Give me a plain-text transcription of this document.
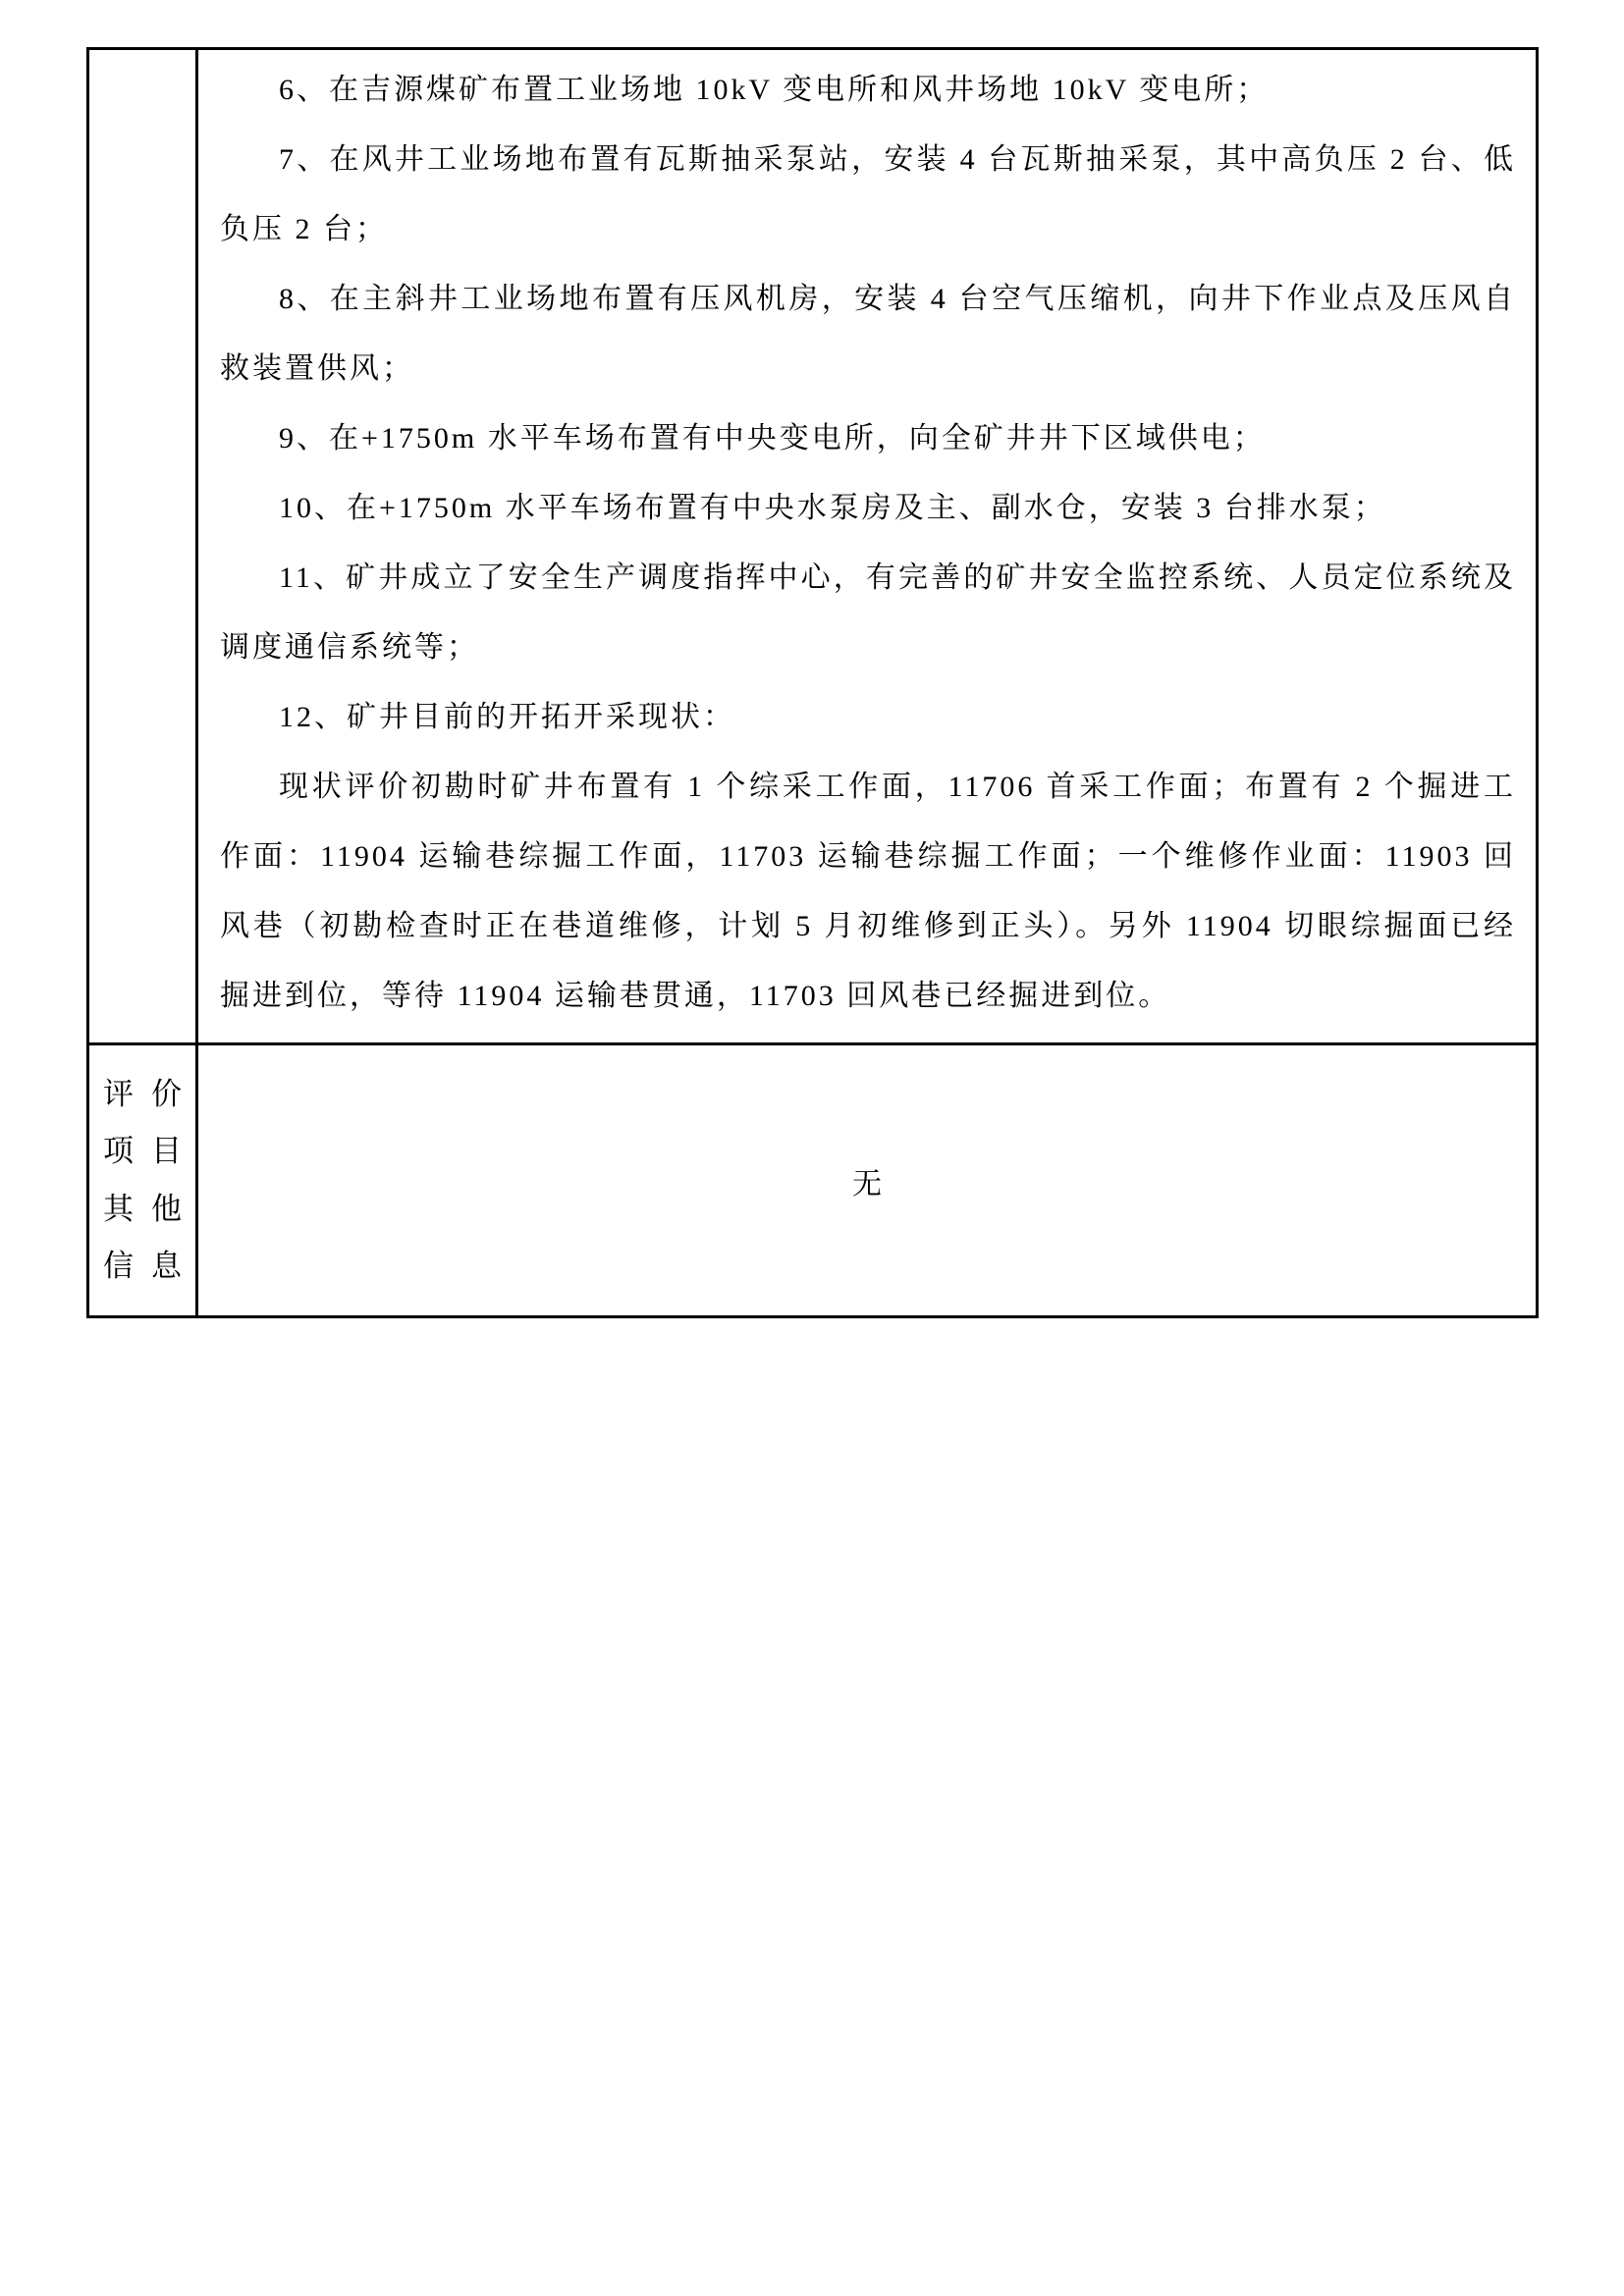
6、在吉源煤矿布置工业场地 10kV 变电所和风井场地 10kV 变电所；

7、在风井工业场地布置有瓦斯抽采泵站，安装 4 台瓦斯抽采泵，其中高负压 2 台、低负压 2 台；

8、在主斜井工业场地布置有压风机房，安装 4 台空气压缩机，向井下作业点及压风自救装置供风；

9、在+1750m 水平车场布置有中央变电所，向全矿井井下区域供电；

10、在+1750m 水平车场布置有中央水泵房及主、副水仓，安装 3 台排水泵；

11、矿井成立了安全生产调度指挥中心，有完善的矿井安全监控系统、人员定位系统及调度通信系统等；

12、矿井目前的开拓开采现状：

现状评价初勘时矿井布置有 1 个综采工作面，11706 首采工作面；布置有 2 个掘进工作面：11904 运输巷综掘工作面，11703 运输巷综掘工作面；一个维修作业面：11903 回风巷（初勘检查时正在巷道维修，计划 5 月初维修到正头）。另外 11904 切眼综掘面已经掘进到位，等待 11904 运输巷贯通，11703 回风巷已经掘进到位。

评 价
项 目
其 他
信 息
无
